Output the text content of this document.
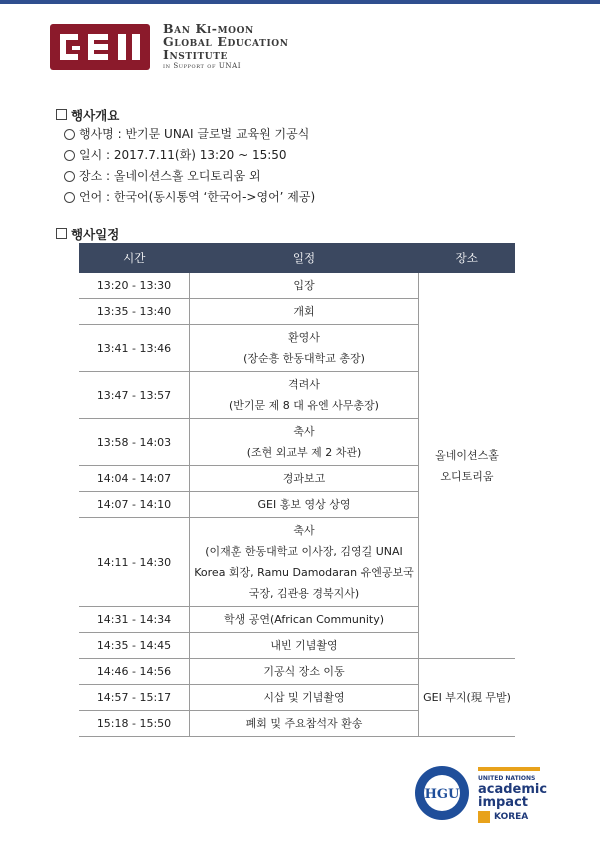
Ban Ki-moon
Global Education
Institute
in Support of UNAI
행사개요
행사명 : 반기문 UNAI 글로벌 교육원 기공식
일시 : 2017.7.11(화) 13:20 ~ 15:50
장소 : 올네이션스홀 오디토리움 외
언어 : 한국어(동시통역 ‘한국어->영어’ 제공)
행사일정
시간	일정	장소
13:20 - 13:30	입장	올네이션스홀
오디토리움

13:35 - 13:40	개회	

13:41 - 13:46	환영사
(장순흥 한동대학교 총장)	

13:47 - 13:57	격려사
(반기문 제 8 대 유엔 사무총장)	

13:58 - 14:03	축사
(조현 외교부 제 2 차관)	

14:04 - 14:07	경과보고	

14:07 - 14:10	GEI 홍보 영상 상영	

14:11 - 14:30	축사
(이재훈 한동대학교 이사장, 김영길 UNAI
Korea 회장, Ramu Damodaran 유엔공보국
국장, 김관용 경북지사)	

14:31 - 14:34	학생 공연(African Community)	

14:35 - 14:45	내빈 기념촬영	

14:46 - 14:56	기공식 장소 이동	GEI 부지(現 무밭)
14:57 - 15:17	시삽 및 기념촬영	

15:18 - 15:50	폐회 및 주요참석자 환송	
HGU
UNITED NATIONS
academic
impact
KOREA
